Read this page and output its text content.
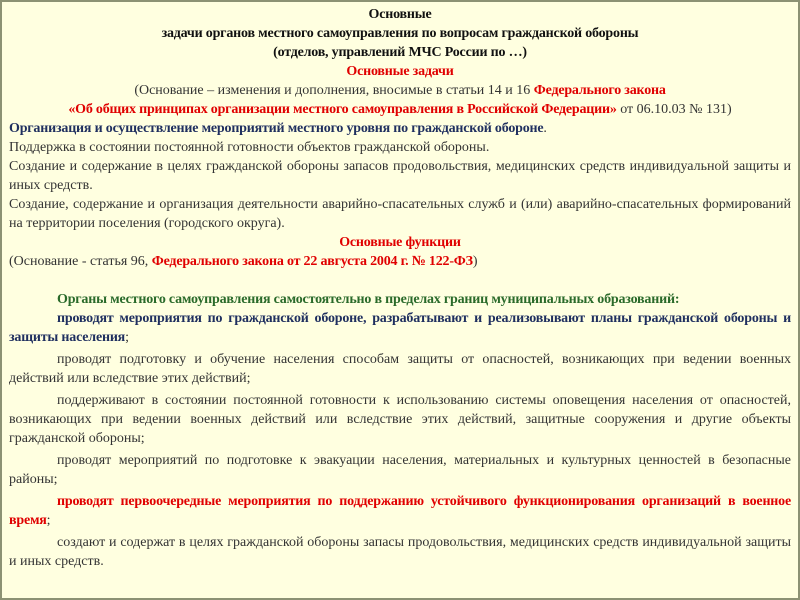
Основные
задачи органов местного самоуправления по вопросам гражданской обороны
(отделов, управлений МЧС России по …)
Основные задачи
(Основание – изменения и дополнения, вносимые в статьи 14 и 16 Федерального закона
«Об общих принципах организации местного самоуправления в Российской Федерации» от 06.10.03 № 131)
Организация и осуществление мероприятий местного уровня по гражданской обороне.
Поддержка в состоянии постоянной готовности объектов гражданской обороны.
Создание и содержание в целях гражданской обороны запасов продовольствия, медицинских средств индивидуальной защиты и иных средств.
Создание, содержание и организация деятельности аварийно-спасательных служб и (или) аварийно-спасательных формирований на территории поселения (городского округа).
Основные функции
(Основание - статья 96, Федерального закона от 22 августа 2004 г. № 122-ФЗ)
Органы местного самоуправления самостоятельно в пределах границ муниципальных образований:
проводят мероприятия по гражданской обороне, разрабатывают и реализовывают планы гражданской обороны и защиты населения;
проводят подготовку и обучение населения способам защиты от опасностей, возникающих при ведении военных действий или вследствие этих действий;
поддерживают в состоянии постоянной готовности к использованию системы оповещения населения от опасностей, возникающих при ведении военных действий или вследствие этих действий, защитные сооружения и другие объекты гражданской обороны;
проводят мероприятий по подготовке к эвакуации населения, материальных и культурных ценностей в безопасные районы;
проводят первоочередные мероприятия по поддержанию устойчивого функционирования организаций в военное время;
создают и содержат в целях гражданской обороны запасы продовольствия, медицинских средств индивидуальной защиты и иных средств.
